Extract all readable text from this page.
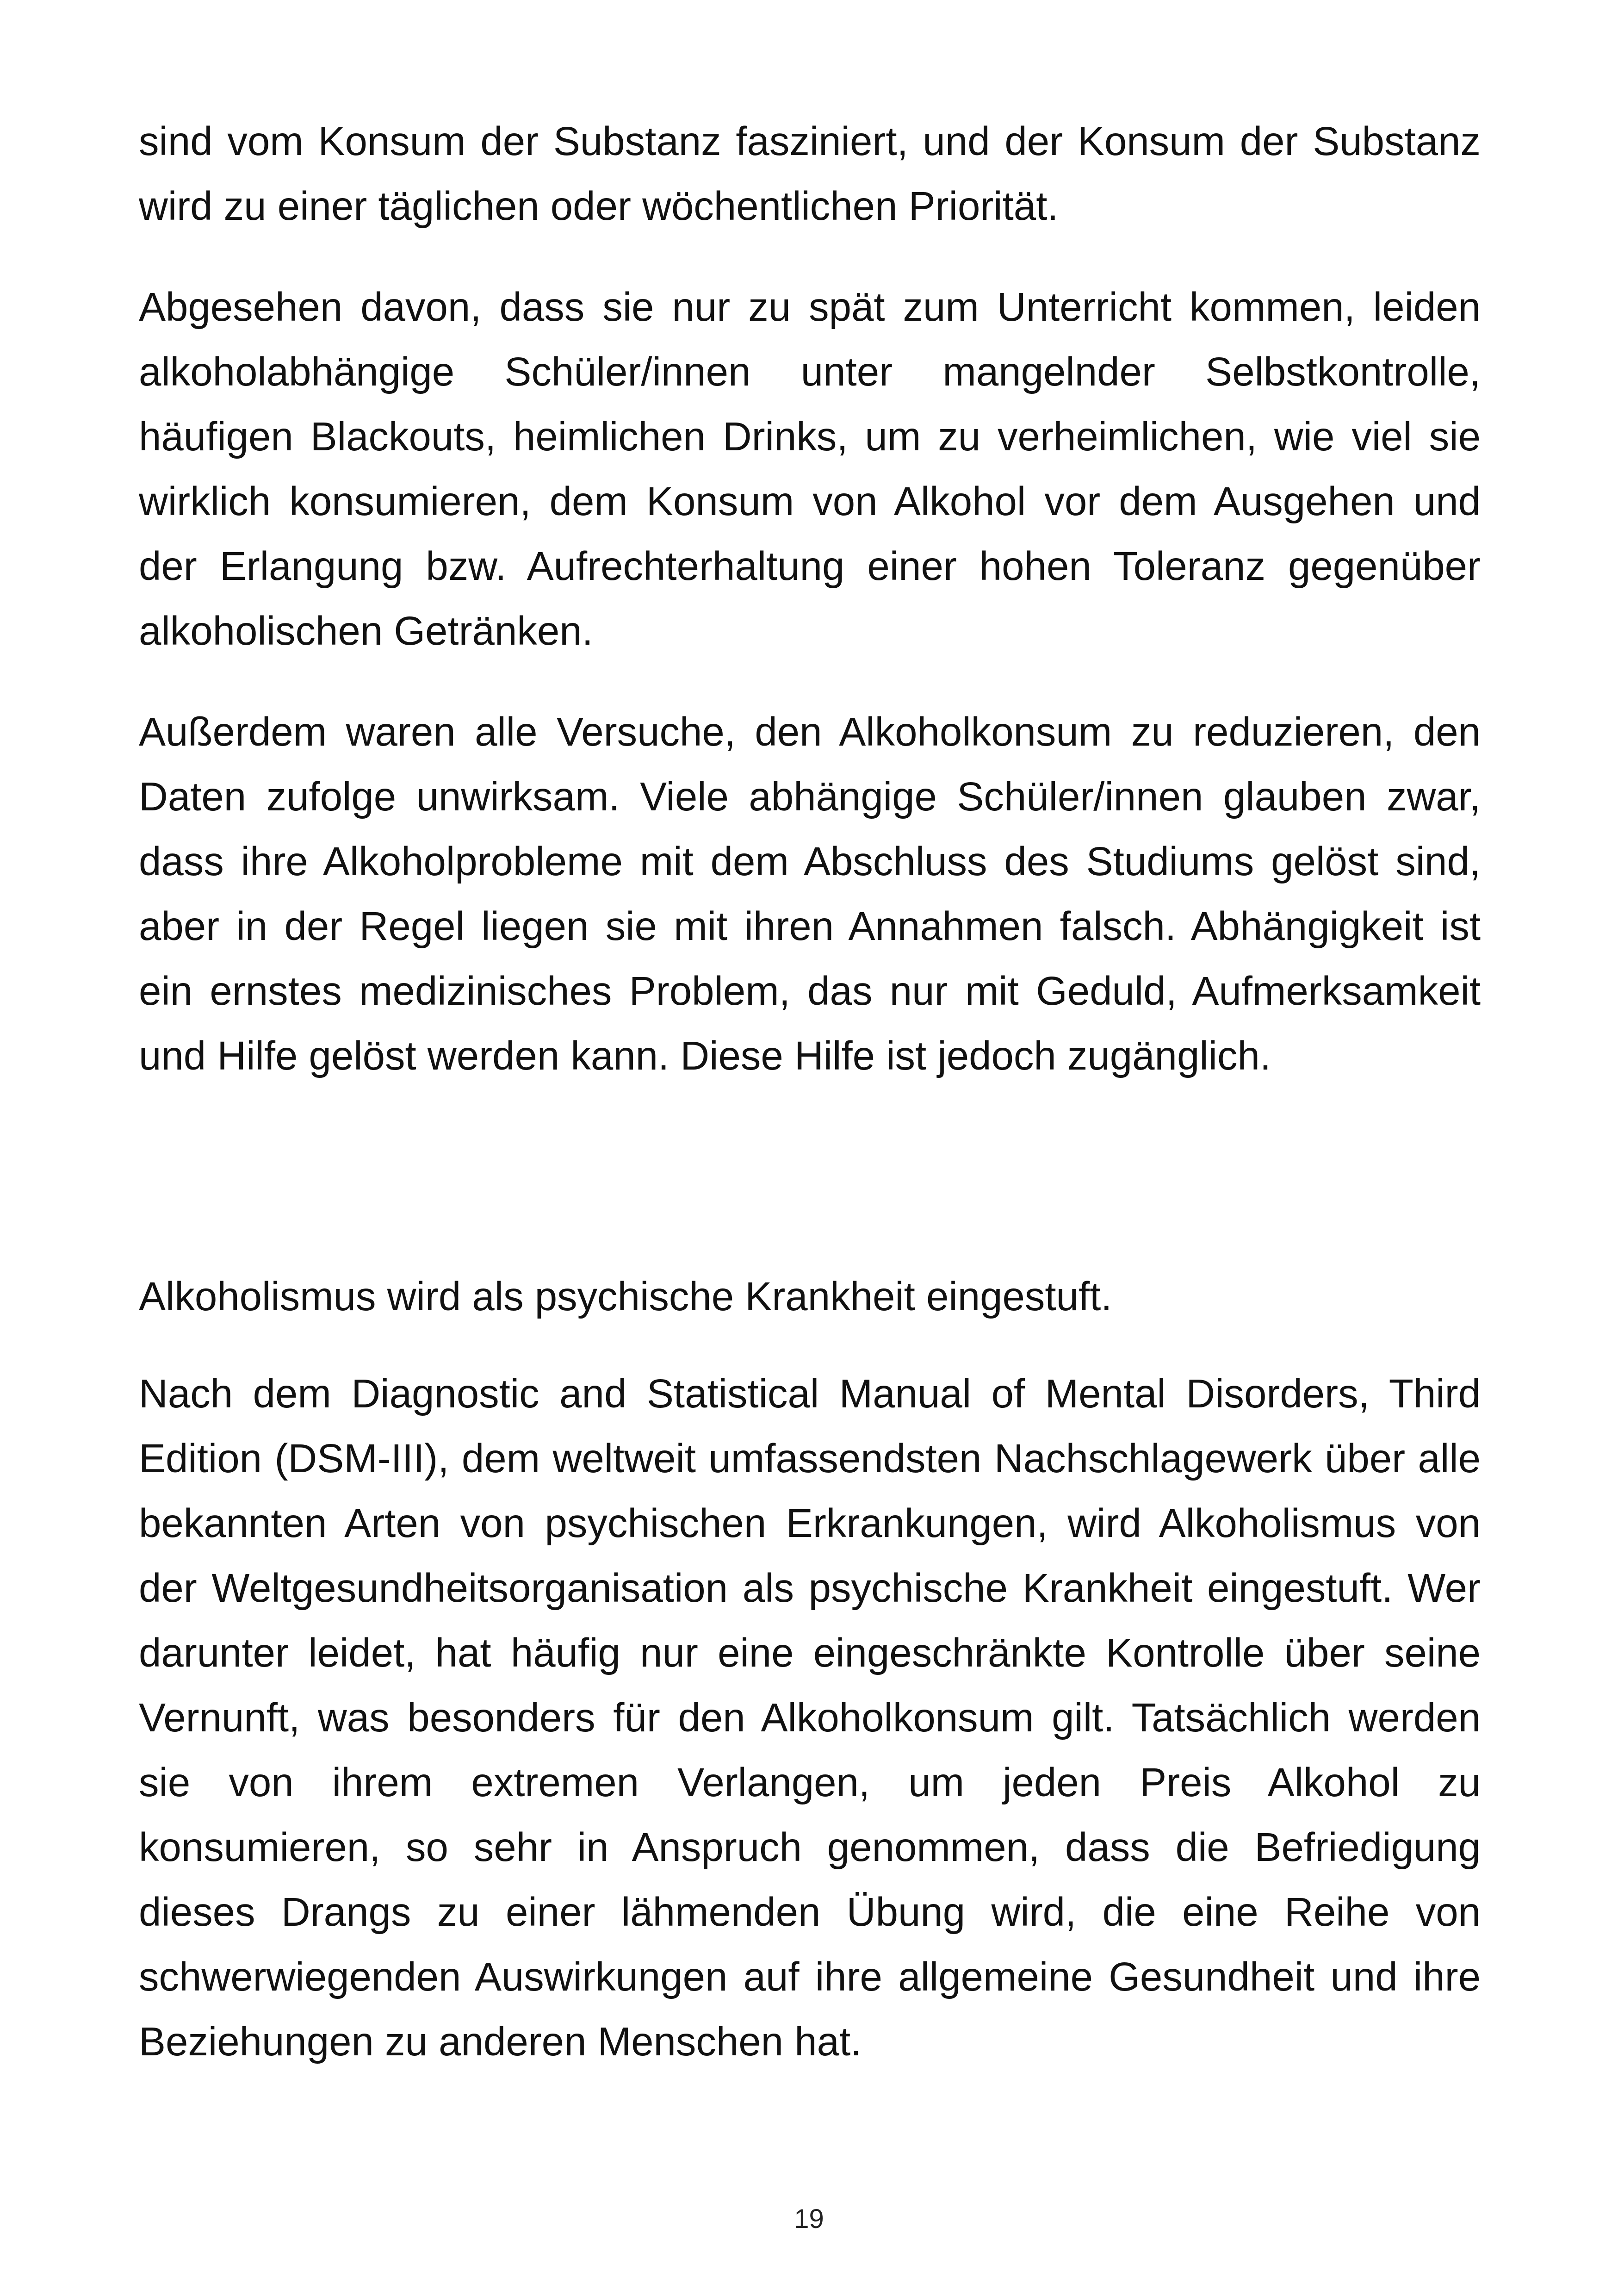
sind vom Konsum der Substanz fasziniert, und der Konsum der Substanz wird zu einer täglichen oder wöchentlichen Priorität.

Abgesehen davon, dass sie nur zu spät zum Unterricht kommen, leiden alkoholabhängige Schüler/innen unter mangelnder Selbstkontrolle, häufigen Blackouts, heimlichen Drinks, um zu verheimlichen, wie viel sie wirklich konsumieren, dem Konsum von Alkohol vor dem Ausgehen und der Erlangung bzw. Aufrechterhaltung einer hohen Toleranz gegenüber alkoholischen Getränken.

Außerdem waren alle Versuche, den Alkoholkonsum zu reduzieren, den Daten zufolge unwirksam. Viele abhängige Schüler/innen glauben zwar, dass ihre Alkoholprobleme mit dem Abschluss des Studiums gelöst sind, aber in der Regel liegen sie mit ihren Annahmen falsch. Abhängigkeit ist ein ernstes medizinisches Problem, das nur mit Geduld, Aufmerksamkeit und Hilfe gelöst werden kann. Diese Hilfe ist jedoch zugänglich.

Alkoholismus wird als psychische Krankheit eingestuft.

Nach dem Diagnostic and Statistical Manual of Mental Disorders, Third Edition (DSM-III), dem weltweit umfassendsten Nachschlagewerk über alle bekannten Arten von psychischen Erkrankungen, wird Alkoholismus von der Weltgesundheitsorganisation als psychische Krankheit eingestuft. Wer darunter leidet, hat häufig nur eine eingeschränkte Kontrolle über seine Vernunft, was besonders für den Alkoholkonsum gilt. Tatsächlich werden sie von ihrem extremen Verlangen, um jeden Preis Alkohol zu konsumieren, so sehr in Anspruch genommen, dass die Befriedigung dieses Drangs zu einer lähmenden Übung wird, die eine Reihe von schwerwiegenden Auswirkungen auf ihre allgemeine Gesundheit und ihre Beziehungen zu anderen Menschen hat.

19
